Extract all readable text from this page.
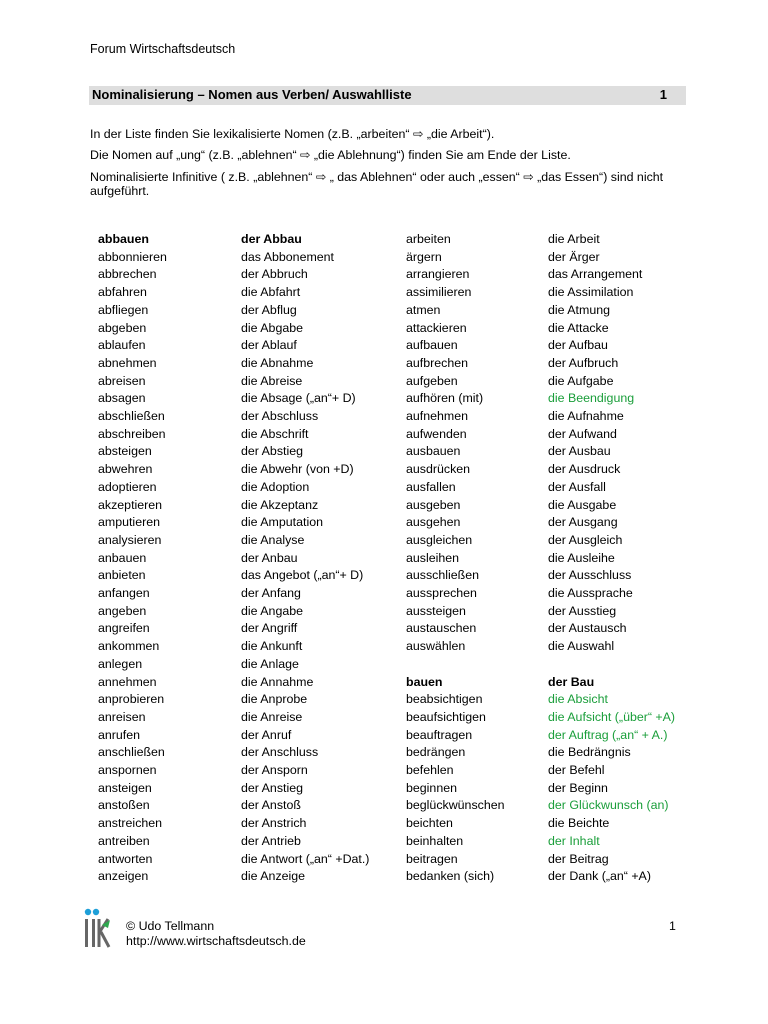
Forum Wirtschaftsdeutsch
Nominalisierung – Nomen aus Verben/ Auswahlliste	1
In der Liste finden Sie lexikalisierte Nomen (z.B. „arbeiten“ ⇨ „die Arbeit“).
Die Nomen auf „ung“ (z.B. „ablehnen“ ⇨ „die Ablehnung“) finden Sie am Ende der Liste.
Nominalisierte Infinitive ( z.B. „ablehnen“ ⇨ „ das Ablehnen“ oder auch „essen“ ⇨ „das Essen“) sind nicht aufgeführt.
abbauen
abbonnieren
abbrechen
abfahren
abfliegen
abgeben
ablaufen
abnehmen
abreisen
absagen
abschließen
abschreiben
absteigen
abwehren
adoptieren
akzeptieren
amputieren
analysieren
anbauen
anbieten
anfangen
angeben
angreifen
ankommen
anlegen
annehmen
anprobieren
anreisen
anrufen
anschließen
anspornen
ansteigen
anstoßen
anstreichen
antreiben
antworten
anzeigen
der Abbau
das Abbonement
der Abbruch
die Abfahrt
der Abflug
die Abgabe
der Ablauf
die Abnahme
die Abreise
die Absage („an“+ D)
der Abschluss
die Abschrift
der Abstieg
die Abwehr (von +D)
die Adoption
die Akzeptanz
die Amputation
die Analyse
der Anbau
das Angebot („an“+ D)
der Anfang
die Angabe
der Angriff
die Ankunft
die Anlage
die Annahme
die Anprobe
die Anreise
der Anruf
der Anschluss
der Ansporn
der Anstieg
der Anstoß
der Anstrich
der Antrieb
die Antwort („an“ +Dat.)
die Anzeige
arbeiten
ärgern
arrangieren
assimilieren
atmen
attackieren
aufbauen
aufbrechen
aufgeben
aufhören (mit)
aufnehmen
aufwenden
ausbauen
ausdrücken
ausfallen
ausgeben
ausgehen
ausgleichen
ausleihen
ausschließen
aussprechen
aussteigen
austauschen
auswählen
bauen
beabsichtigen
beaufsichtigen
beauftragen
bedrängen
befehlen
beginnen
beglückwünschen
beichten
beinhalten
beitragen
bedanken (sich)
die Arbeit
der Ärger
das Arrangement
die Assimilation
die Atmung
die Attacke
der Aufbau
der Aufbruch
die Aufgabe
die Beendigung
die Aufnahme
der Aufwand
der Ausbau
der Ausdruck
der Ausfall
die Ausgabe
der Ausgang
der Ausgleich
die Ausleihe
der Ausschluss
die Aussprache
der Ausstieg
der Austausch
die Auswahl
der Bau
die Absicht
die Aufsicht („über“ +A)
der Auftrag („an“ + A.)
die Bedrängnis
der Befehl
der Beginn
der Glückwunsch (an)
die Beichte
der Inhalt
der Beitrag
der Dank („an“ +A)
© Udo Tellmann
http://www.wirtschaftsdeutsch.de
1
